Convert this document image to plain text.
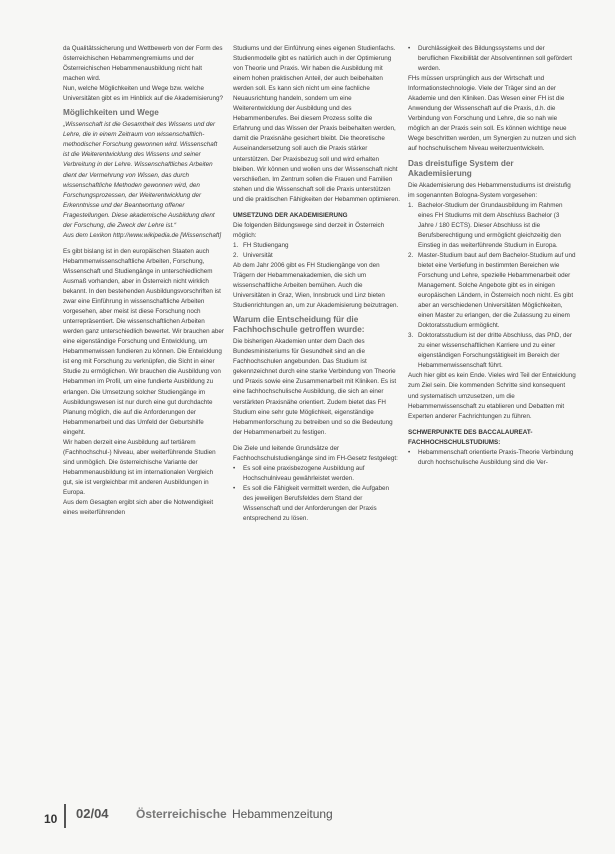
da Qualitätssicherung und Wettbewerb von der Form des österreichischen Hebammengremiums und der Österreichischen Hebammenausbildung nicht halt machen wird.

Nun, welche Möglichkeiten und Wege bzw. welche Universitäten gibt es im Hinblick auf die Akademisierung?

Möglichkeiten und Wege

„Wissenschaft ist die Gesamtheit des Wissens und der Lehre, die in einem Zeitraum von wissenschaftlich-methodischer Forschung gewonnen wird. Wissenschaft ist die Weiterentwicklung des Wissens und seiner Verbreitung in der Lehre. Wissenschaftliches Arbeiten dient der Vermehrung von Wissen, das durch wissenschaftliche Methoden gewonnen wird, den Forschungsprozessen, der Weiterentwicklung der Erkenntnisse und der Beantwortung offener Fragestellungen. Diese akademische Ausbildung dient der Forschung, die Zweck der Lehre ist.“

Aus dem Lexikon http://www.wikipedia.de [Wissenschaft]

Es gibt bislang ist in den europäischen Staaten auch Hebammenwissenschaftliche Arbeiten, Forschung, Wissenschaft und Studiengänge in unterschiedlichem Ausmaß vorhanden, aber in Österreich nicht wirklich bekannt. In den bestehenden Ausbildungsvorschriften ist zwar eine Einführung in wissenschaftliche Arbeiten vorgesehen, aber meist ist diese Forschung noch unterrepräsentiert. Die wissenschaftlichen Arbeiten werden ganz unterschiedlich bewertet. Wir brauchen aber eine eigenständige Forschung und Entwicklung, um Hebammenwissen fundieren zu können. Die Entwicklung ist eng mit Forschung zu verknüpfen, die Sicht in einer Studie zu ermöglichen. Wir brauchen die Ausbildung von Hebammen im Profil, um eine fundierte Ausbildung zu erlangen. Die Umsetzung solcher Studiengänge im Ausbildungswesen ist nur durch eine gut durchdachte Planung möglich, die auf die Anforderungen der Hebammenarbeit und das Umfeld der Geburtshilfe eingeht.

Wir haben derzeit eine Ausbildung auf tertiärem (Fachhochschul-) Niveau, aber weiterführende Studien sind unmöglich. Die österreichische Variante der Hebammenausbildung ist im internationalen Vergleich gut, sie ist vergleichbar mit anderen Ausbildungen in Europa.

Aus dem Gesagten ergibt sich aber die Notwendigkeit eines weiterführenden

Studiums und der Einführung eines eigenen Studienfachs.

Studienmodelle gibt es natürlich auch in der Optimierung von Theorie und Praxis. Wir haben die Ausbildung mit einem hohen praktischen Anteil, der auch beibehalten werden soll. Es kann sich nicht um eine fachliche Neuausrichtung handeln, sondern um eine Weiterentwicklung der Ausbildung und des Hebammenberufes. Bei diesem Prozess sollte die Erfahrung und das Wissen der Praxis beibehalten werden, damit die Praxisnähe gesichert bleibt. Die theoretische Auseinandersetzung soll auch die Praxis stärker unterstützen. Der Praxisbezug soll und wird erhalten bleiben. Wir können und wollen uns der Wissenschaft nicht verschließen. Im Zentrum sollen die Frauen und Familien stehen und die Wissenschaft soll die Praxis unterstützen und die praktischen Fähigkeiten der Hebammen optimieren.

UMSETZUNG DER AKADEMISIERUNG

Die folgenden Bildungswege sind derzeit in Österreich möglich:

1. FH Studiengang
2. Universität

Ab dem Jahr 2006 gibt es FH Studiengänge von den Trägern der Hebammenakademien, die sich um wissenschaftliche Arbeiten bemühen. Auch die Universitäten in Graz, Wien, Innsbruck und Linz bieten Studienrichtungen an, um zur Akademisierung beizutragen.

Warum die Entscheidung für die Fachhochschule getroffen wurde:

Die bisherigen Akademien unter dem Dach des Bundesministeriums für Gesundheit sind an die Fachhochschulen angebunden. Das Studium ist gekennzeichnet durch eine starke Verbindung von Theorie und Praxis sowie eine Zusammenarbeit mit Kliniken. Es ist eine fachhochschulische Ausbildung, die sich an einer verstärkten Praxisnähe orientiert. Zudem bietet das FH Studium eine sehr gute Möglichkeit, eigenständige Hebammenforschung zu betreiben und so die Bedeutung der Hebammenarbeit zu festigen.

Die Ziele und leitende Grundsätze der Fachhochschulstudiengänge sind im FH-Gesetz festgelegt:

• Es soll eine praxisbezogene Ausbildung auf Hochschulniveau gewährleistet werden.
• Es soll die Fähigkeit vermittelt werden, die Aufgaben des jeweiligen Berufsfeldes dem Stand der Wissenschaft und der Anforderungen der Praxis entsprechend zu lösen.
• Durchlässigkeit des Bildungssystems und der beruflichen Flexibilität der Absolventinnen soll gefördert werden.

FHs müssen ursprünglich aus der Wirtschaft und Informationstechnologie. Viele der Träger sind an der Akademie und den Kliniken. Das Wesen einer FH ist die Anwendung der Wissenschaft auf die Praxis, d.h. die Verbindung von Forschung und Lehre, die so nah wie möglich an der Praxis sein soll. Es können wichtige neue Wege beschritten werden, um Synergien zu nutzen und sich auf hochschulischem Niveau weiterzuentwickeln.

Das dreistufige System der Akademisierung

Die Akademisierung des Hebammenstudiums ist dreistufig im sogenannten Bologna-System vorgesehen:

1. Bachelor-Studium der Grundausbildung im Rahmen eines FH Studiums mit dem Abschluss Bachelor (3 Jahre / 180 ECTS). Dieser Abschluss ist die Berufsberechtigung und ermöglicht gleichzeitig den Einstieg in das weiterführende Studium in Europa.
2. Master-Studium baut auf dem Bachelor-Studium auf und bietet eine Vertiefung in bestimmten Bereichen wie Forschung und Lehre, spezielle Hebammenarbeit oder Management. Solche Angebote gibt es in einigen europäischen Ländern, in Österreich noch nicht. Es gibt aber an verschiedenen Universitäten Möglichkeiten, einen Master zu erlangen, der die Zulassung zu einem Doktoratsstudium ermöglicht.
3. Doktoratsstudium ist der dritte Abschluss, das PhD, der zu einer wissenschaftlichen Karriere und zu einer eigenständigen Forschungstätigkeit im Bereich der Hebammenwissenschaft führt.

Auch hier gibt es kein Ende. Vieles wird Teil der Entwicklung zum Ziel sein. Die kommenden Schritte sind konsequent und systematisch umzusetzen, um die Hebammenwissenschaft zu etablieren und Debatten mit Experten anderer Fachrichtungen zu führen.

SCHWERPUNKTE DES BACCALAUREAT-FACHHOCHSCHULSTUDIUMS:
• Hebammenschaft orientierte Praxis-Theorie Verbindung durch hochschulische Ausbildung sind die Ver-
10 02/04 Österreichische Hebammenzeitung
